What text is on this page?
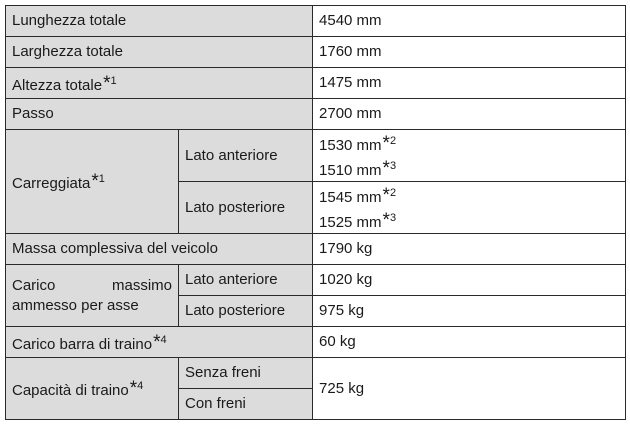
Lunghezza totale		4540 mm
Larghezza totale		1760 mm
Altezza totale*$^1$		1475 mm
Passo		2700 mm
Carreggiata*$^1$	Lato anteriore	1530 mm*$^2$
1510 mm*$^3$

	Lato posteriore	1545 mm*$^2$
1525 mm*$^3$

Massa complessiva del veicolo		1790 kg

Carico massimo
ammesso per asse	Lato anteriore	1020 kg
	Lato posteriore	975 kg
Carico barra di traino*$^4$		60 kg
Capacità di traino*$^4$	Senza freni	725 kg
	Con freni	
